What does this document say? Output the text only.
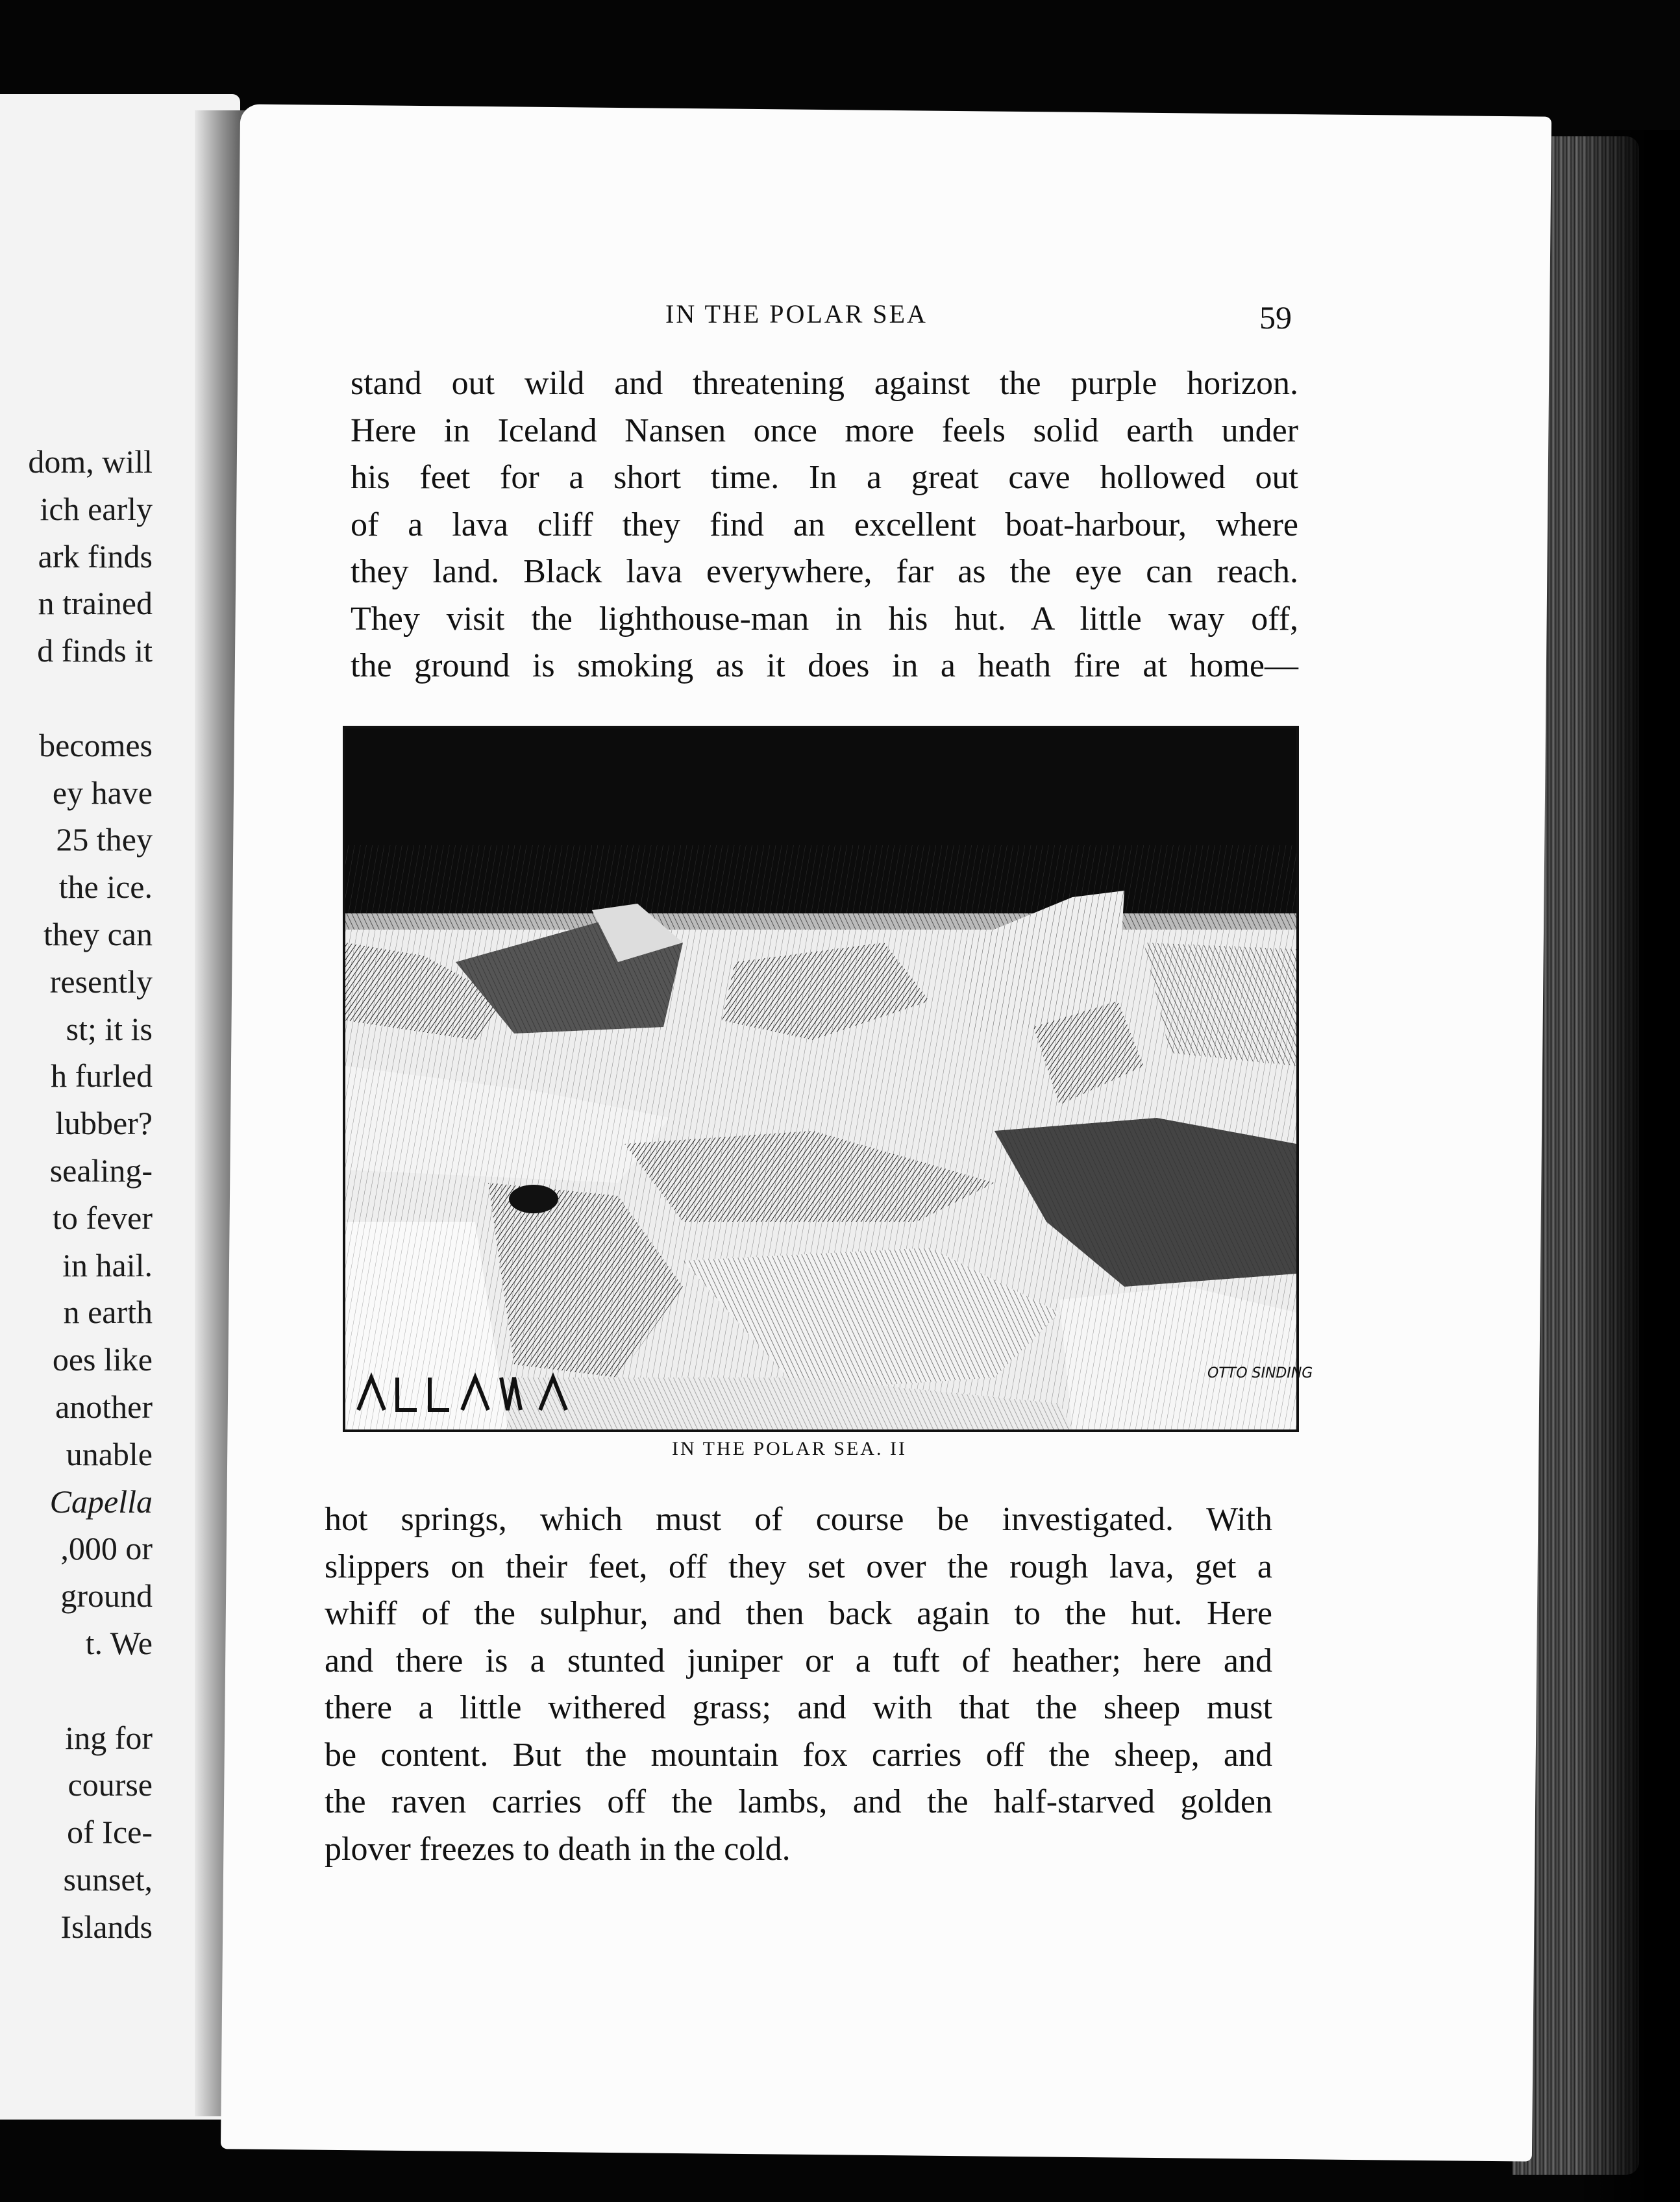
dom, will
ich early
ark finds
n trained
d finds it
becomes
ey have
25 they
the ice.
they can
resently
st; it is
h furled
lubber?
sealing-
to fever
in hail.
n earth
oes like
another
unable
Capella
,000 or
ground
t. We
ing for
course
of Ice-
sunset,
Islands
IN THE POLAR SEA	59
stand out wild and threatening against the purple horizon.
Here in Iceland Nansen once more feels solid earth under
his feet for a short time. In a great cave hollowed out
of a lava cliff they find an excellent boat-harbour, where
they land. Black lava everywhere, far as the eye can reach.
They visit the lighthouse-man in his hut. A little way off,
the ground is smoking as it does in a heath fire at home—
OTTO SINDING
IN THE POLAR SEA. II
hot springs, which must of course be investigated. With
slippers on their feet, off they set over the rough lava, get a
whiff of the sulphur, and then back again to the hut. Here
and there is a stunted juniper or a tuft of heather; here and
there a little withered grass; and with that the sheep must
be content. But the mountain fox carries off the sheep, and
the raven carries off the lambs, and the half-starved golden
plover freezes to death in the cold.
